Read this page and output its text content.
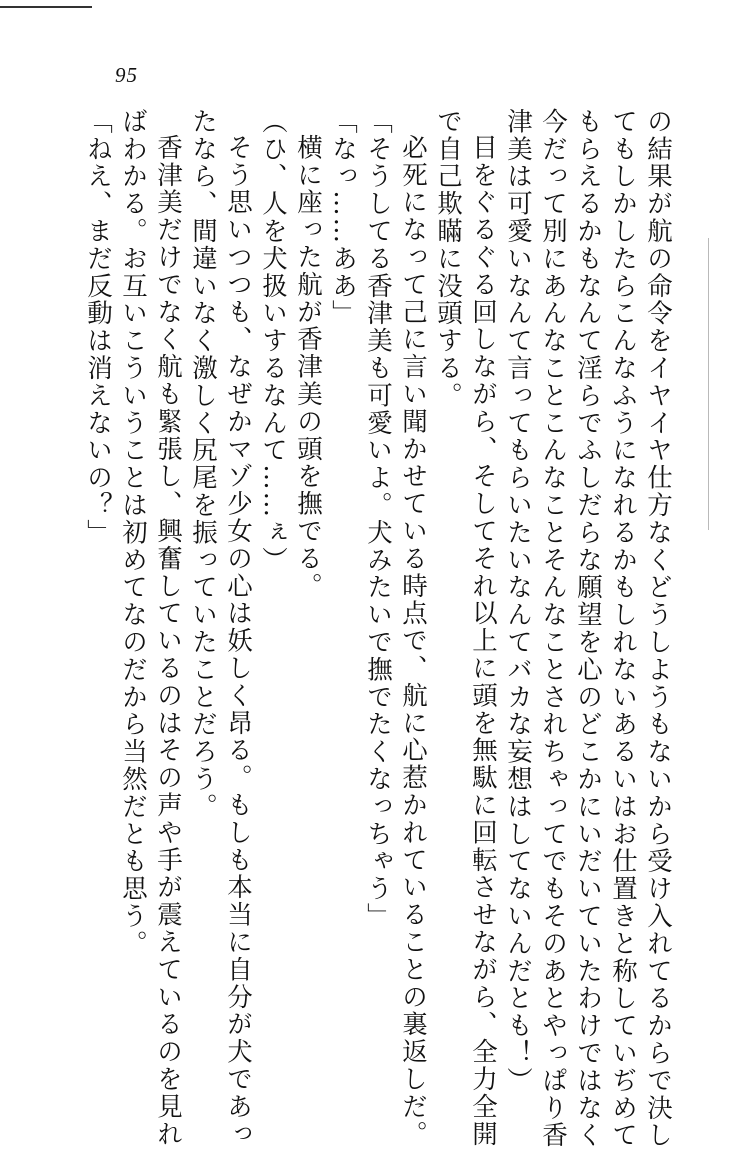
95
の結果が航の命令をイヤイヤ仕方なくどうしようもないから受け入れてるからで決し
てもしかしたらこんなふうになれるかもしれないあるいはお仕置きと称していぢめて
もらえるかもなんて淫らでふしだらな願望を心のどこかにいだいていたわけではなく
今だって別にあんなことこんなことそんなことされちゃってでもそのあとやっぱり香
津美は可愛いなんて言ってもらいたいなんてバカな妄想はしてないんだとも！）
目をぐるぐる回しながら、そしてそれ以上に頭を無駄に回転させながら、全力全開
で自己欺瞞に没頭する。
必死になって己に言い聞かせている時点で、航に心惹かれていることの裏返しだ。
「そうしてる香津美も可愛いよ。犬みたいで撫でたくなっちゃう」
「なっ……ああ」
横に座った航が香津美の頭を撫でる。
（ひ、人を犬扱いするなんて……ぇ）
そう思いつつも、なぜかマゾ少女の心は妖しく昂る。もしも本当に自分が犬であっ
たなら、間違いなく激しく尻尾を振っていたことだろう。
香津美だけでなく航も緊張し、興奮しているのはその声や手が震えているのを見れ
ばわかる。お互いこういうことは初めてなのだから当然だとも思う。
「ねえ、まだ反動は消えないの？」
